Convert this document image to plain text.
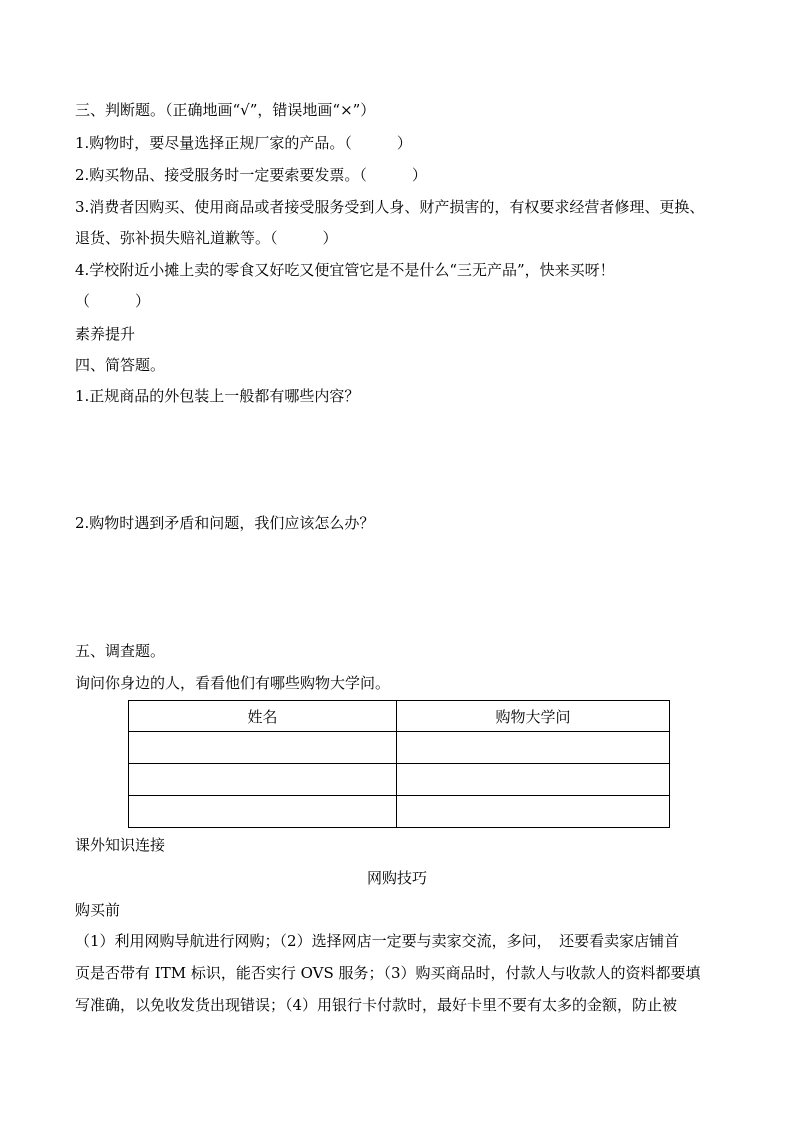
三、判断题。（正确地画“√”，错误地画“×”）
1.购物时，要尽量选择正规厂家的产品。（　　　）
2.购买物品、接受服务时一定要索要发票。（　　　）
3.消费者因购买、使用商品或者接受服务受到人身、财产损害的，有权要求经营者修理、更换、
退货、弥补损失赔礼道歉等。（　　　）
4.学校附近小摊上卖的零食又好吃又便宜管它是不是什么“三无产品”，快来买呀！
（　　　）
素养提升
四、简答题。
1.正规商品的外包装上一般都有哪些内容？
2.购物时遇到矛盾和问题，我们应该怎么办？
五、调查题。
询问你身边的人，看看他们有哪些购物大学问。
姓名	购物大学问

课外知识连接
网购技巧
购买前
（1）利用网购导航进行网购；（2）选择网店一定要与卖家交流，多问，　还要看卖家店铺首
页是否带有 ITM 标识，能否实行 OVS 服务；（3）购买商品时，付款人与收款人的资料都要填
写准确，以免收发货出现错误；（4）用银行卡付款时，最好卡里不要有太多的金额，防止被
